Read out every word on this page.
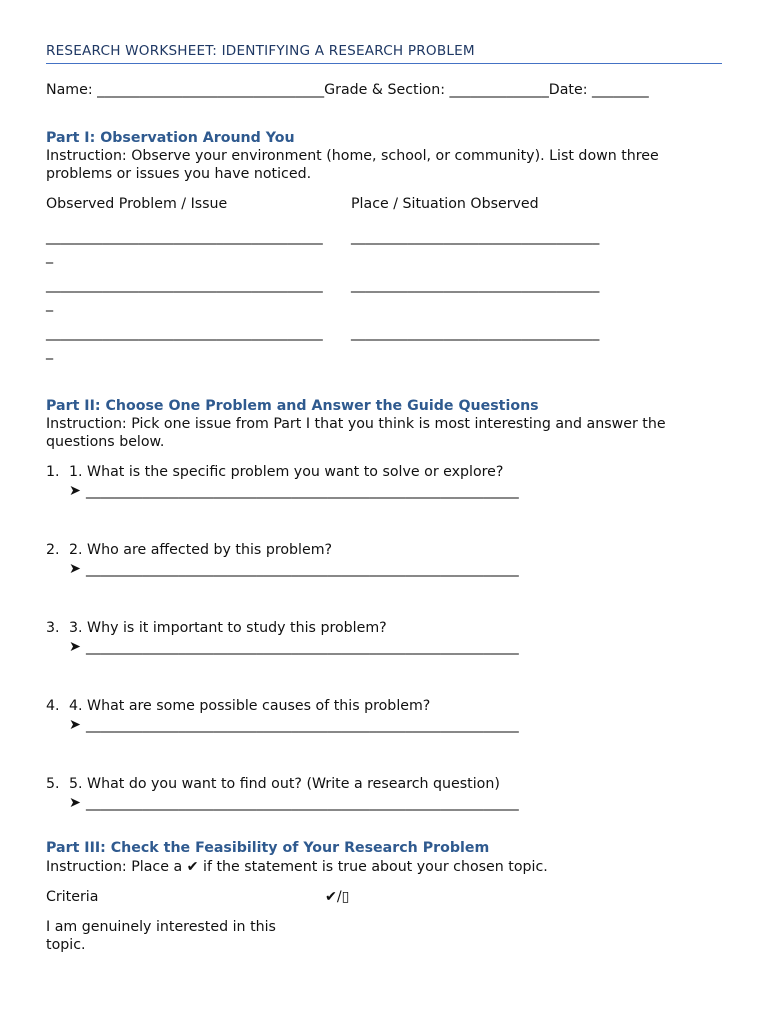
RESEARCH WORKSHEET: IDENTIFYING A RESEARCH PROBLEM
Name: ________________________________Grade & Section: ______________Date: ________
Part I: Observation Around You
Instruction: Observe your environment (home, school, or community). List down three problems or issues you have noticed.
Observed Problem / Issue	Place / Situation Observed
_______________________________________ ___________________________________
_
_______________________________________ ___________________________________
_
_______________________________________ ___________________________________
_
Part II: Choose One Problem and Answer the Guide Questions
Instruction: Pick one issue from Part I that you think is most interesting and answer the questions below.
1. 1. What is the specific problem you want to solve or explore?
➤ _____________________________________________________________
2. 2. Who are affected by this problem?
➤ _____________________________________________________________
3. 3. Why is it important to study this problem?
➤ _____________________________________________________________
4. 4. What are some possible causes of this problem?
➤ _____________________________________________________________
5. 5. What do you want to find out? (Write a research question)
➤ _____________________________________________________________
Part III: Check the Feasibility of Your Research Problem
Instruction: Place a ✔ if the statement is true about your chosen topic.
Criteria	✔/▯
I am genuinely interested in this topic.
